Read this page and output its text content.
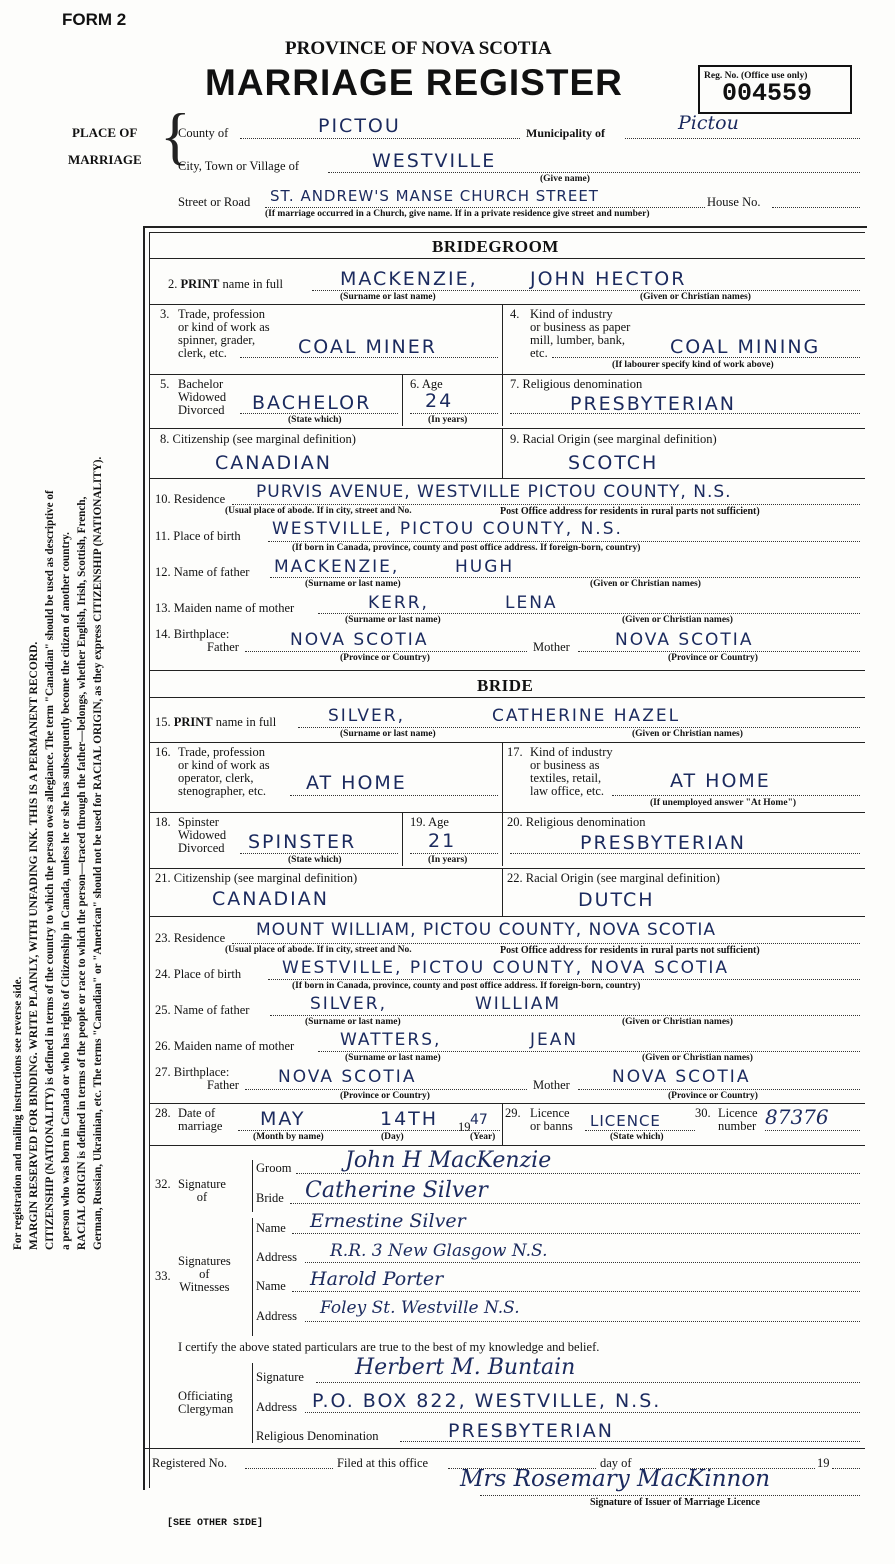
For registration and mailing instructions see reverse side. MARGIN RESERVED FOR BINDING. WRITE PLAINLY, WITH UNFADING INK. THIS IS A PERMANENT RECORD. CITIZENSHIP (NATIONALITY) is defined in terms of the country to which the person owes allegiance. The term "Canadian" should be used as descriptive of a person who was born in Canada or who has rights of Citizenship in Canada, unless he or she has subsequently become the citizen of another country. RACIAL ORIGIN is defined in terms of the people or race to which the person—traced through the father—belongs, whether English, Irish, Scottish, French, German, Russian, Ukrainian, etc. The terms "Canadian" or "American" should not be used for RACIAL ORIGIN, as they express CITIZENSHIP (NATIONALITY).
FORM 2
PROVINCE OF NOVA SCOTIA
MARRIAGE REGISTER	Reg. No. (Office use only)
004559
PLACE OF
MARRIAGE {
County of	PICTOU	Municipality of	Pictou
City, Town or Village of	WESTVILLE
(Give name)
Street or Road ST. ANDREW'S MANSE CHURCH STREET	House No.
(If marriage occurred in a Church, give name. If in a private residence give street and number)
BRIDEGROOM
2. PRINT name in full	MACKENZIE,	JOHN HECTOR
(Surname or last name)	(Given or Christian names)
3. Trade, profession
or kind of work as
spinner, grader,
clerk, etc.	COAL MINER
4. Kind of industry
or business as paper
mill, lumber, bank,
etc.	COAL MINING
(If labourer specify kind of work above)
5. Bachelor
Widowed
Divorced BACHELOR
(State which)
6. Age
24
(In years)
7. Religious denomination
PRESBYTERIAN
8. Citizenship (see marginal definition)
CANADIAN
9. Racial Origin (see marginal definition)
SCOTCH
10. Residence PURVIS AVENUE, WESTVILLE PICTOU COUNTY, N.S.
(Usual place of abode. If in city, street and No.	Post Office address for residents in rural parts not sufficient)
11. Place of birth WESTVILLE, PICTOU COUNTY, N.S.
(If born in Canada, province, county and post office address. If foreign-born, country)
12. Name of father MACKENZIE,	HUGH
(Surname or last name)	(Given or Christian names)
13. Maiden name of mother	KERR,	LENA
(Surname or last name)	(Given or Christian names)
14. Birthplace:
Father	NOVA SCOTIA	Mother	NOVA SCOTIA
(Province or Country)	(Province or Country)
BRIDE
15. PRINT name in full	SILVER,	CATHERINE HAZEL
(Surname or last name)	(Given or Christian names)
16. Trade, profession
or kind of work as
operator, clerk,
stenographer, etc. AT HOME
17. Kind of industry
or business as
textiles, retail,
law office, etc.	AT HOME
(If unemployed answer "At Home")
18. Spinster
Widowed
Divorced SPINSTER
(State which)
19. Age
21
(In years)
20. Religious denomination
PRESBYTERIAN
21. Citizenship (see marginal definition)
CANADIAN
22. Racial Origin (see marginal definition)
DUTCH
23. Residence MOUNT WILLIAM, PICTOU COUNTY, NOVA SCOTIA
(Usual place of abode. If in city, street and No.	Post Office address for residents in rural parts not sufficient)
24. Place of birth WESTVILLE, PICTOU COUNTY, NOVA SCOTIA
(If born in Canada, province, county and post office address. If foreign-born, country)
25. Name of father	SILVER,	WILLIAM
(Surname or last name)	(Given or Christian names)
26. Maiden name of mother	WATTERS,	JEAN
(Surname or last name)	(Given or Christian names)
27. Birthplace:
Father NOVA SCOTIA	Mother NOVA SCOTIA
(Province or Country)	(Province or Country)
28. Date of
marriage MAY	14TH 19 47
(Month by name)	(Day)	(Year)
29. Licence
or banns LICENCE
(State which)
30. Licence
number 87376
32. Signature
of
Groom John H MacKenzie
Bride Catherine Silver
33.
Signatures
of
Witnesses
Name Ernestine Silver
Address R.R. 3 New Glasgow N.S.
Name Harold Porter
Address Foley St. Westville N.S.
I certify the above stated particulars are true to the best of my knowledge and belief.
Officiating
Clergyman
Signature Herbert M. Buntain
Address P.O. BOX 822, WESTVILLE, N.S.
Religious Denomination	PRESBYTERIAN
Registered No.	Filed at this office	day of	19
Mrs Rosemary MacKinnon
Signature of Issuer of Marriage Licence
[SEE OTHER SIDE]
